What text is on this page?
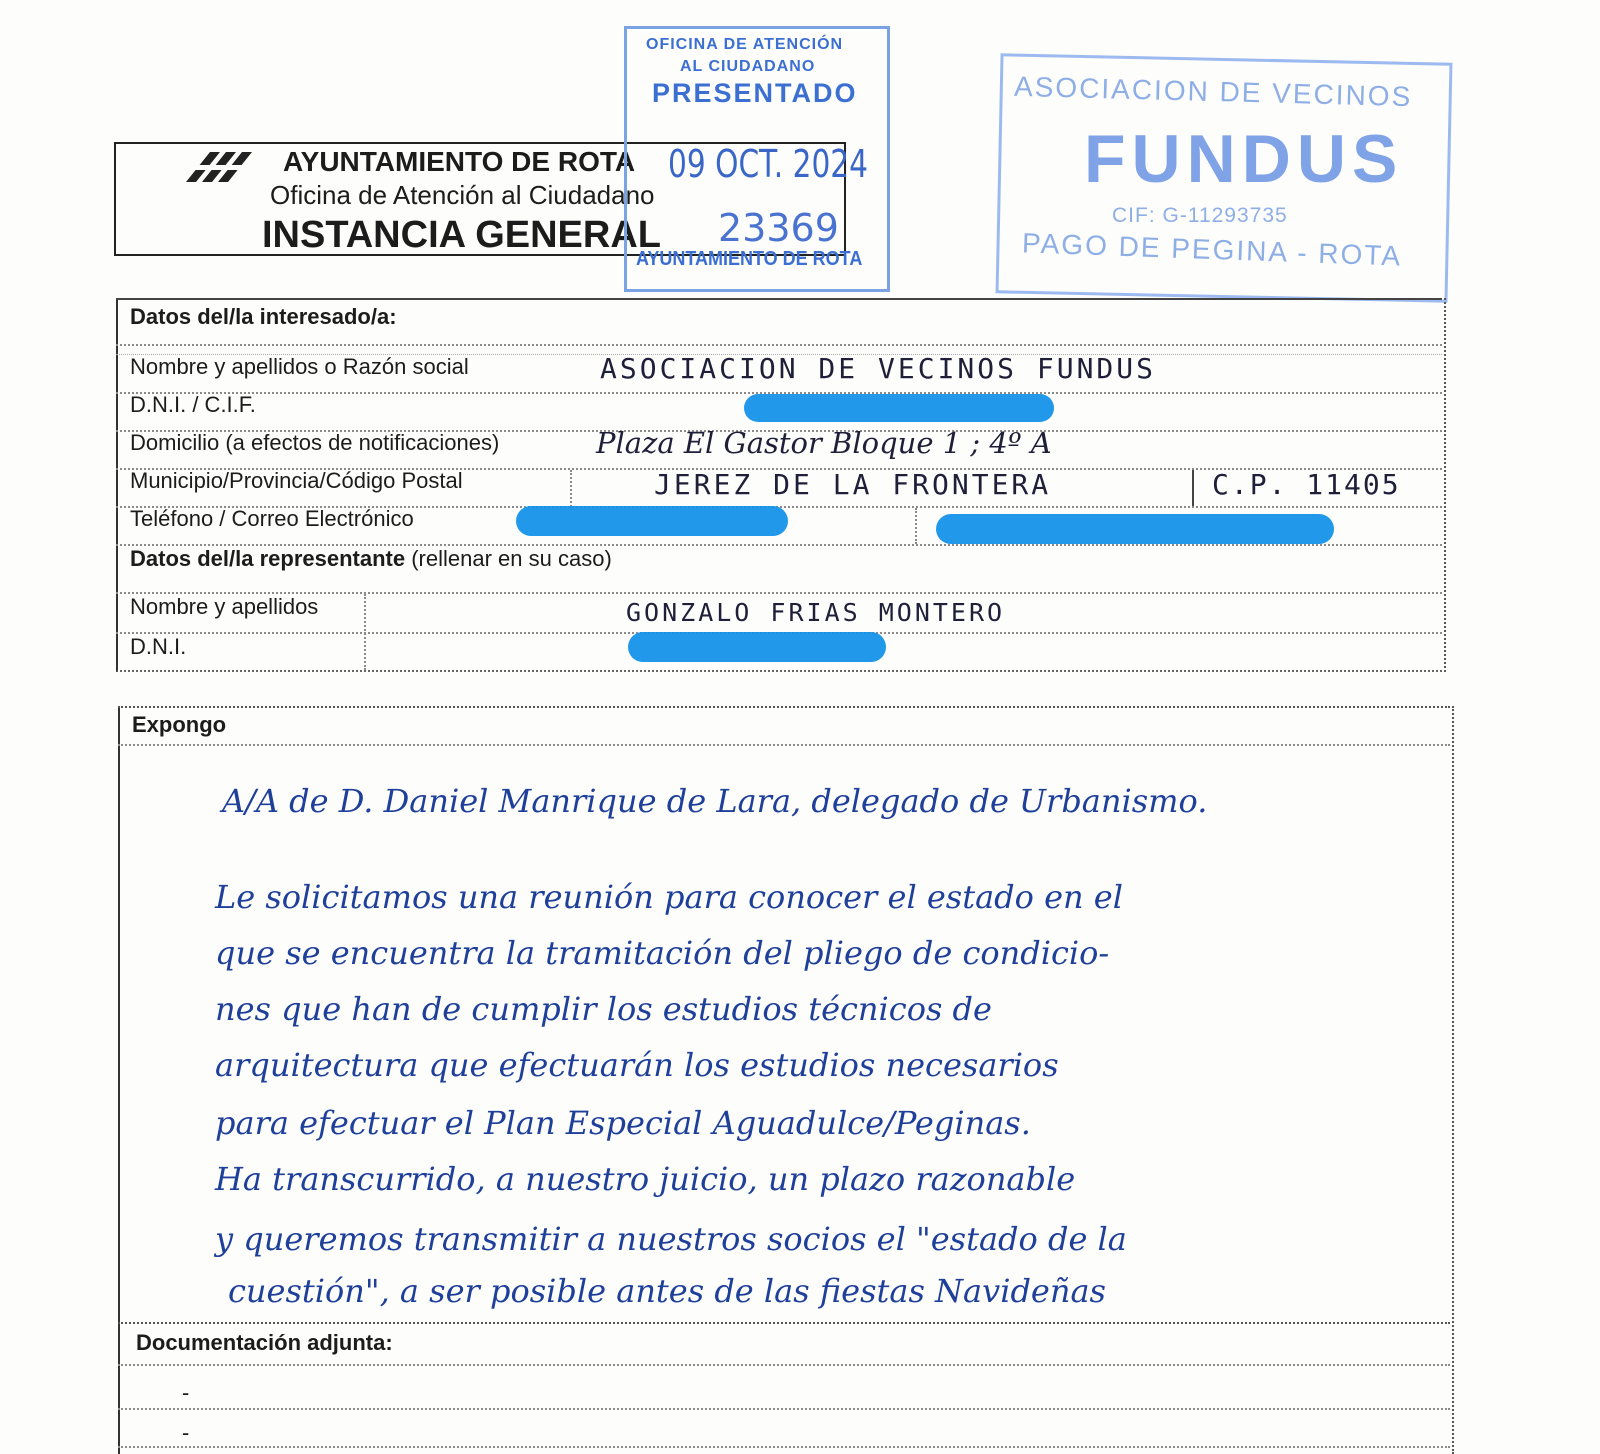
AYUNTAMIENTO DE ROTA
Oficina de Atención al Ciudadano
INSTANCIA GENERAL
OFICINA DE ATENCIÓN
AL CIUDADANO
PRESENTADO
09 OCT. 2024
23369
AYUNTAMIENTO DE ROTA
ASOCIACION DE VECINOS
FUNDUS
CIF: G-11293735
PAGO DE PEGINA - ROTA
Datos del/la interesado/a:
Nombre y apellidos o Razón social	ASOCIACION DE VECINOS FUNDUS
D.N.I. / C.I.F.
Domicilio (a efectos de notificaciones)	Plaza El Gastor Bloque 1 ; 4º A
Municipio/Provincia/Código Postal	JEREZ DE LA FRONTERA	C.P. 11405
Teléfono / Correo Electrónico
Datos del/la representante (rellenar en su caso)
Nombre y apellidos	GONZALO FRIAS MONTERO
D.N.I.
Expongo
A/A de D. Daniel Manrique de Lara, delegado de Urbanismo.
Le solicitamos una reunión para conocer el estado en el
que se encuentra la tramitación del pliego de condicio-
nes que han de cumplir los estudios técnicos de
arquitectura que efectuarán los estudios necesarios
para efectuar el Plan Especial Aguadulce/Peginas.
Ha transcurrido, a nuestro juicio, un plazo razonable
y queremos transmitir a nuestros socios el "estado de la
cuestión", a ser posible antes de las fiestas Navideñas
Documentación adjunta:
-
-
